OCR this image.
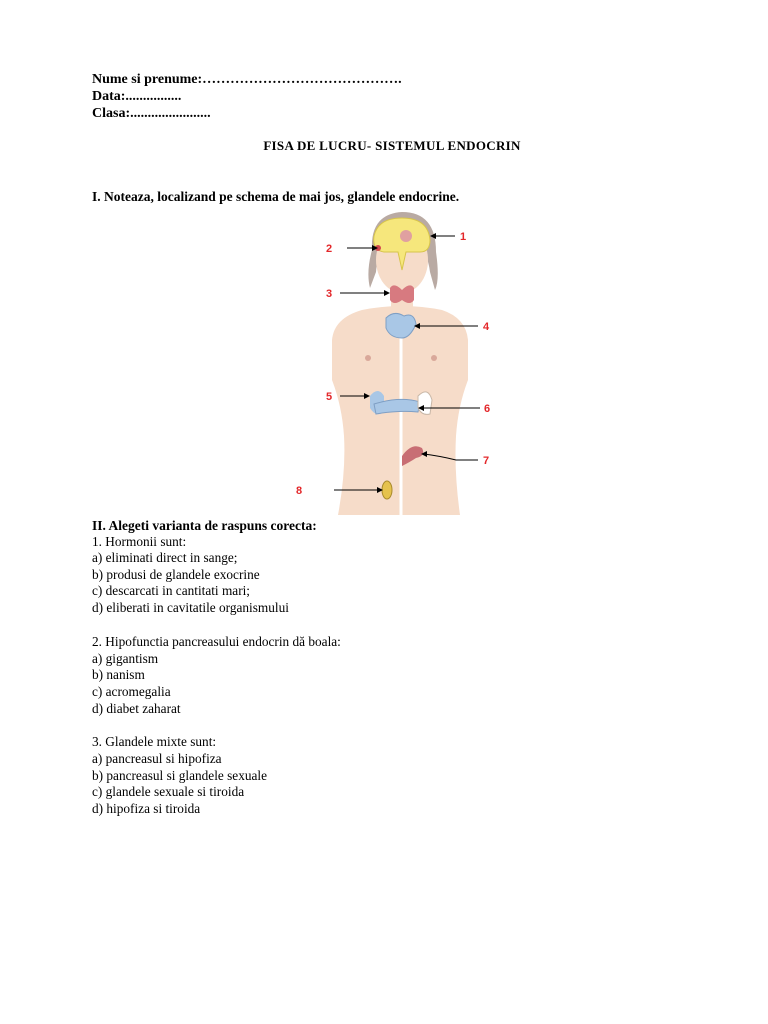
Nume si prenume:…………………………………….
Data:................
Clasa:.......................
FISA DE LUCRU- SISTEMUL ENDOCRIN
I. Noteaza, localizand pe schema de mai jos, glandele endocrine.
1
2
3
4
5
6
7
8
II. Alegeti varianta de raspuns corecta:
1. Hormonii sunt:
a) eliminati direct in sange;
b) produsi de glandele exocrine
c) descarcati in cantitati mari;
d) eliberati in cavitatile organismului
2. Hipofunctia pancreasului endocrin dă boala:
a) gigantism
b) nanism
c) acromegalia
d) diabet zaharat
3. Glandele mixte sunt:
a) pancreasul si hipofiza
b) pancreasul si glandele sexuale
c) glandele sexuale si tiroida
d) hipofiza si tiroida
